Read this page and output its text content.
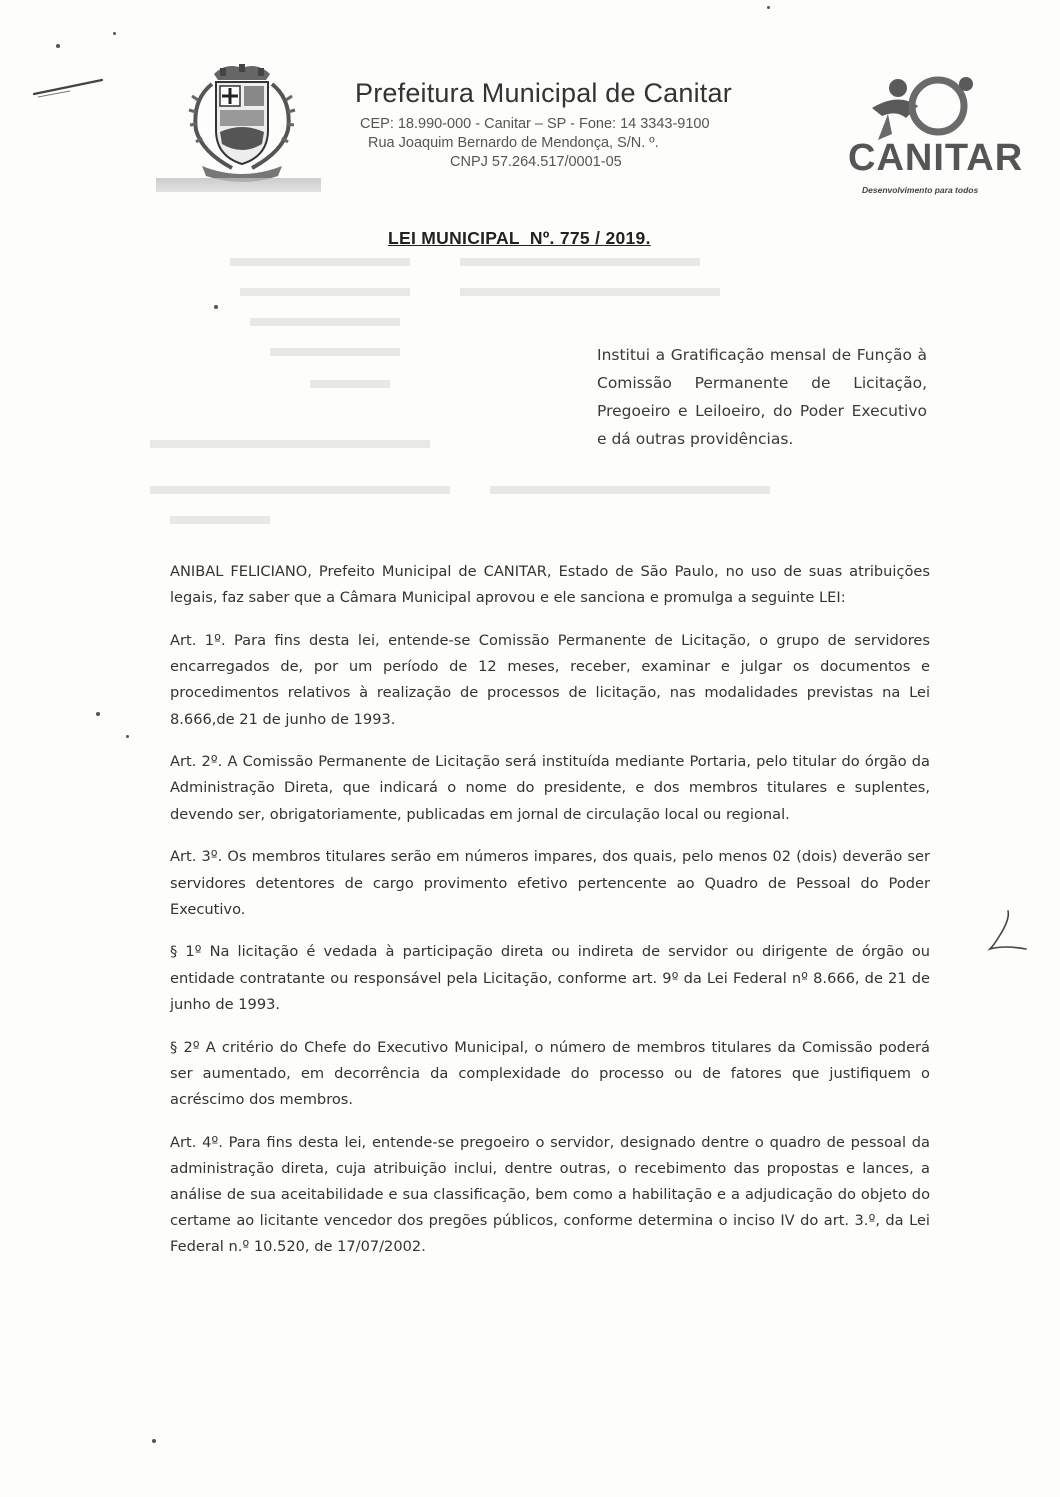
Prefeitura Municipal de Canitar
CEP: 18.990-000 - Canitar – SP - Fone: 14 3343-9100
Rua Joaquim Bernardo de Mendonça, S/N. º.
CNPJ 57.264.517/0001-05	CANITAR
Desenvolvimento para todos
LEI MUNICIPAL  Nº. 775 / 2019.
Institui a Gratificação mensal de Função à Comissão Permanente de Licitação, Pregoeiro e Leiloeiro, do Poder Executivo e dá outras providências.

ANIBAL FELICIANO, Prefeito Municipal de CANITAR, Estado de São Paulo, no uso de suas atribuições legais, faz saber que a Câmara Municipal aprovou e ele sanciona e promulga a seguinte LEI:

Art. 1º. Para fins desta lei, entende-se Comissão Permanente de Licitação, o grupo de servidores encarregados de, por um período de 12 meses, receber, examinar e julgar os documentos e procedimentos relativos à realização de processos de licitação, nas modalidades previstas na Lei 8.666,de 21 de junho de 1993.

Art. 2º. A Comissão Permanente de Licitação será instituída mediante Portaria, pelo titular do órgão da Administração Direta, que indicará o nome do presidente, e dos membros titulares e suplentes, devendo ser, obrigatoriamente, publicadas em jornal de circulação local ou regional.

Art. 3º. Os membros titulares serão em números impares, dos quais, pelo menos 02 (dois) deverão ser servidores detentores de cargo provimento efetivo pertencente ao Quadro de Pessoal do Poder Executivo.

§ 1º Na licitação é vedada à participação direta ou indireta de servidor ou dirigente de órgão ou entidade contratante ou responsável pela Licitação, conforme art. 9º da Lei Federal nº 8.666, de 21 de junho de 1993.

§ 2º A critério do Chefe do Executivo Municipal, o número de membros titulares da Comissão poderá ser aumentado, em decorrência da complexidade do processo ou de fatores que justifiquem o acréscimo dos membros.

Art. 4º. Para fins desta lei, entende-se pregoeiro o servidor, designado dentre o quadro de pessoal da administração direta, cuja atribuição inclui, dentre outras, o recebimento das propostas e lances, a análise de sua aceitabilidade e sua classificação, bem como a habilitação e a adjudicação do objeto do certame ao licitante vencedor dos pregões públicos, conforme determina o inciso IV do art. 3.º, da Lei Federal n.º 10.520, de 17/07/2002.
